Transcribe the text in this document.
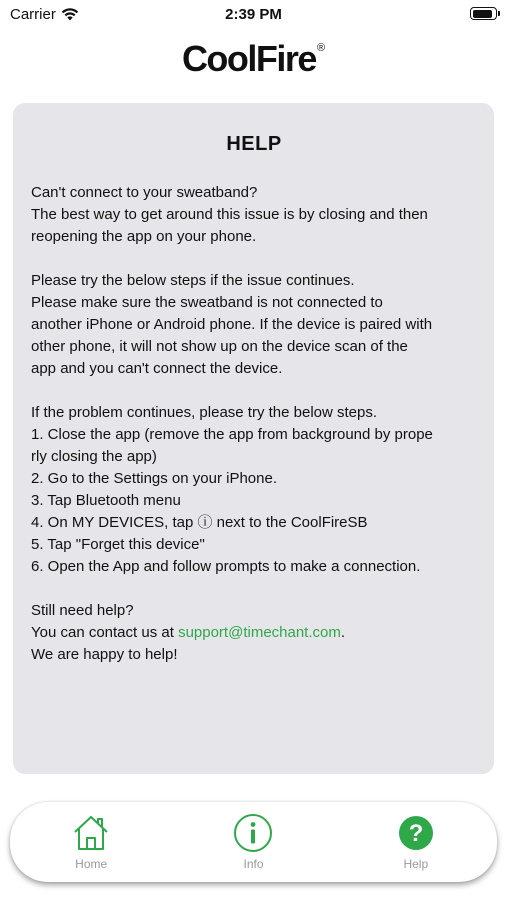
Carrier	2:39 PM
CoolFire®
HELP

Can't connect to your sweatband?
The best way to get around this issue is by closing and then
reopening the app on your phone.

Please try the below steps if the issue continues.
Please make sure the sweatband is not connected to
another iPhone or Android phone. If the device is paired with
other phone, it will not show up on the device scan of the
app and you can't connect the device.

If the problem continues, please try the below steps.
1. Close the app (remove the app from background by prope
rly closing the app)
2. Go to the Settings on your iPhone.
3. Tap Bluetooth menu
4. On MY DEVICES, tap ⓘ next to the CoolFireSB
5. Tap "Forget this device"
6. Open the App and follow prompts to make a connection.

Still need help?
You can contact us at support@timechant.com.
We are happy to help!

Home	Info
?
Help
